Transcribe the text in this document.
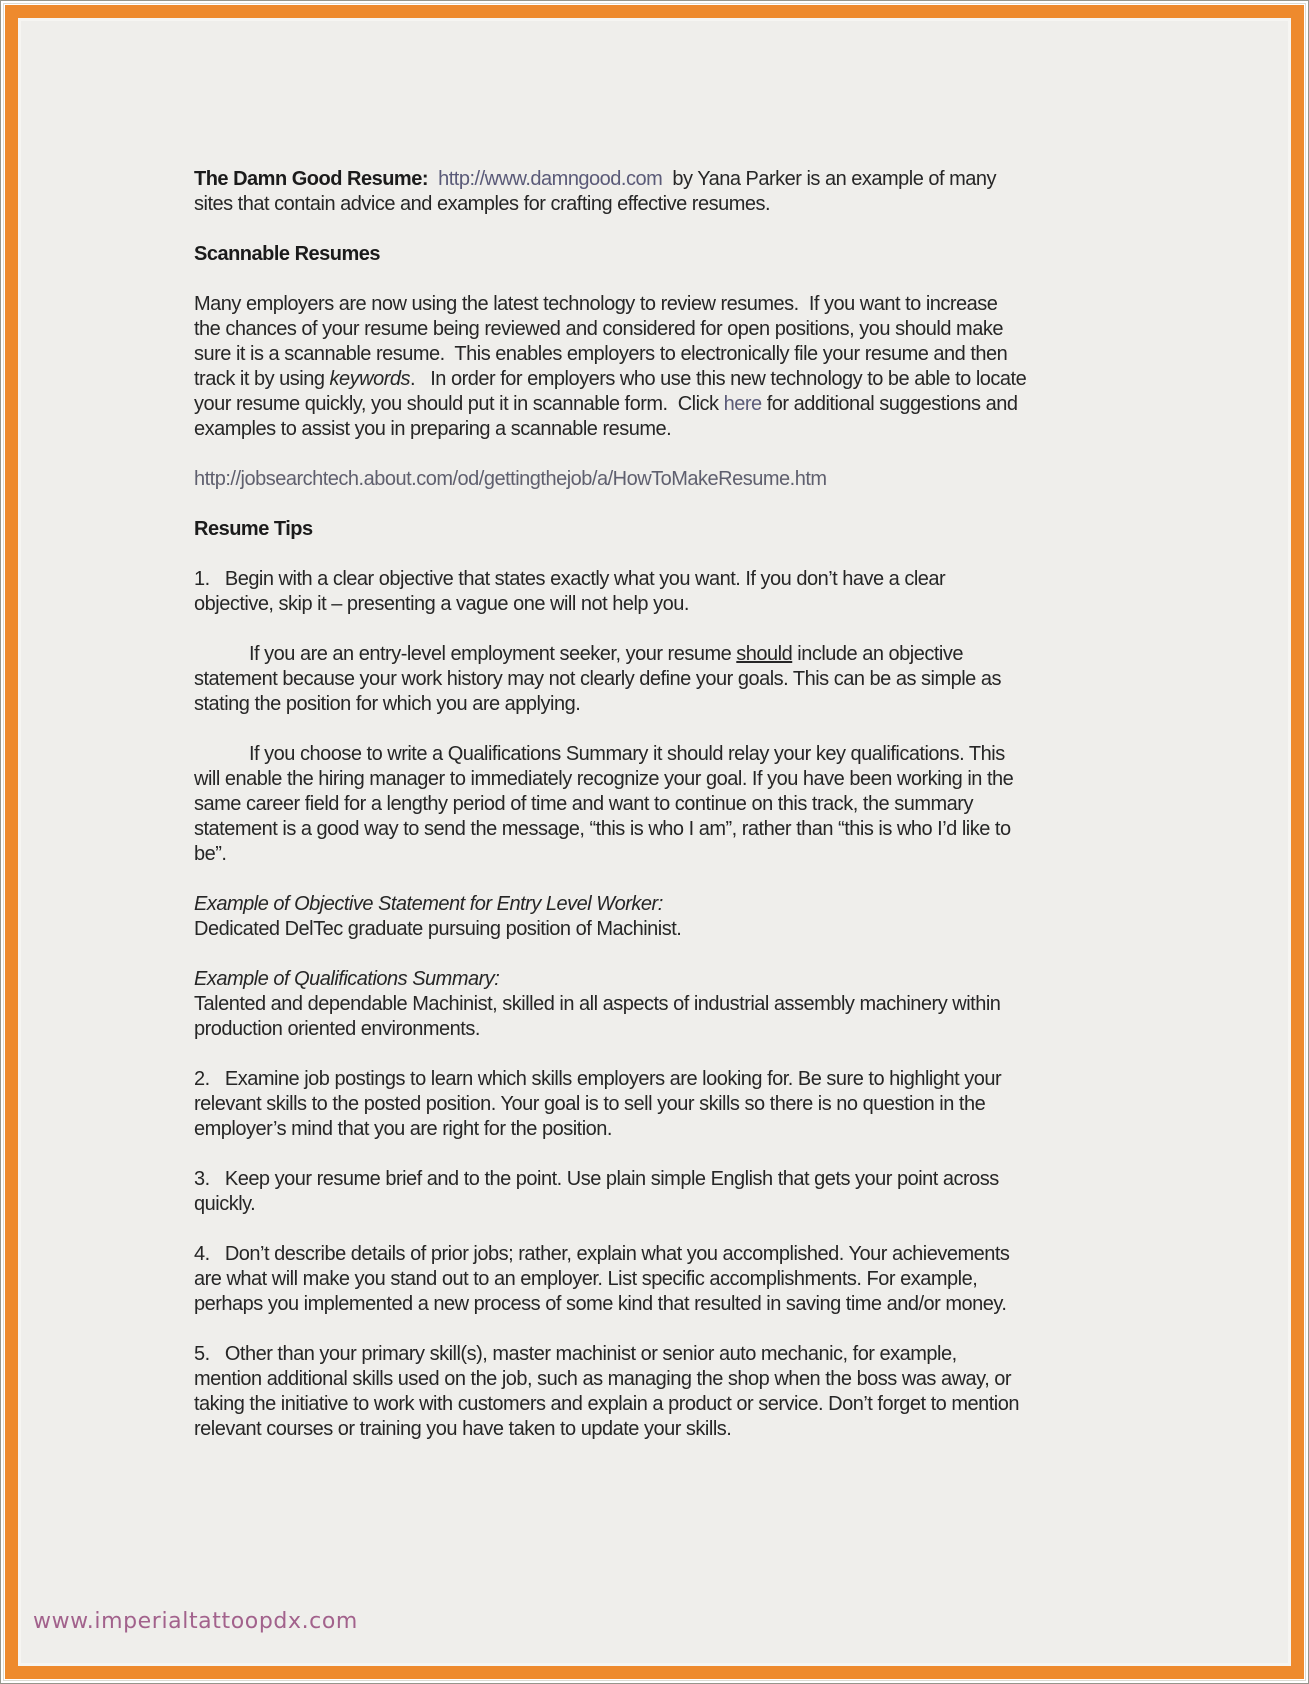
The Damn Good Resume:  http://www.damngood.com  by Yana Parker is an example of many sites that contain advice and examples for crafting effective resumes.

Scannable Resumes

Many employers are now using the latest technology to review resumes.  If you want to increase the chances of your resume being reviewed and considered for open positions, you should make sure it is a scannable resume.  This enables employers to electronically file your resume and then track it by using keywords.   In order for employers who use this new technology to be able to locate your resume quickly, you should put it in scannable form.  Click here for additional suggestions and examples to assist you in preparing a scannable resume.

http://jobsearchtech.about.com/od/gettingthejob/a/HowToMakeResume.htm

Resume Tips

1.   Begin with a clear objective that states exactly what you want. If you don’t have a clear objective, skip it – presenting a vague one will not help you.

If you are an entry-level employment seeker, your resume should include an objective statement because your work history may not clearly define your goals. This can be as simple as stating the position for which you are applying.

If you choose to write a Qualifications Summary it should relay your key qualifications. This will enable the hiring manager to immediately recognize your goal. If you have been working in the same career field for a lengthy period of time and want to continue on this track, the summary statement is a good way to send the message, “this is who I am”, rather than “this is who I’d like to be”.

Example of Objective Statement for Entry Level Worker:
Dedicated DelTec graduate pursuing position of Machinist.

Example of Qualifications Summary:
Talented and dependable Machinist, skilled in all aspects of industrial assembly machinery within production oriented environments.

2.   Examine job postings to learn which skills employers are looking for. Be sure to highlight your relevant skills to the posted position. Your goal is to sell your skills so there is no question in the employer’s mind that you are right for the position.

3.   Keep your resume brief and to the point. Use plain simple English that gets your point across quickly.

4.   Don’t describe details of prior jobs; rather, explain what you accomplished. Your achievements are what will make you stand out to an employer. List specific accomplishments. For example, perhaps you implemented a new process of some kind that resulted in saving time and/or money.

5.   Other than your primary skill(s), master machinist or senior auto mechanic, for example, mention additional skills used on the job, such as managing the shop when the boss was away, or taking the initiative to work with customers and explain a product or service. Don’t forget to mention relevant courses or training you have taken to update your skills.

www.imperialtattoopdx.com
